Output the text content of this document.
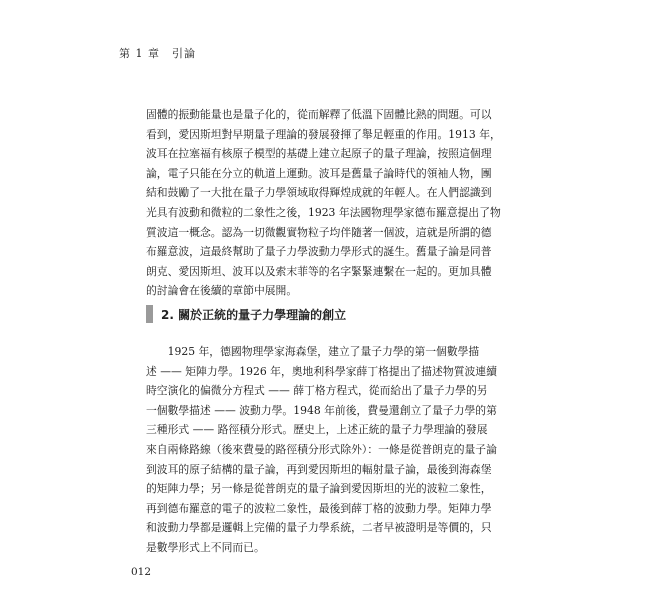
第 1 章 引論
固體的振動能量也是量子化的，從而解釋了低溫下固體比熱的問題。可以
看到，愛因斯坦對早期量子理論的發展發揮了舉足輕重的作用。1913 年，
波耳在拉塞福有核原子模型的基礎上建立起原子的量子理論，按照這個理
論，電子只能在分立的軌道上運動。波耳是舊量子論時代的領袖人物，團
結和鼓勵了一大批在量子力學領域取得輝煌成就的年輕人。在人們認識到
光具有波動和微粒的二象性之後，1923 年法國物理學家德布羅意提出了物
質波這一概念。認為一切微觀實物粒子均伴隨著一個波，這就是所謂的德
布羅意波，這最終幫助了量子力學波動力學形式的誕生。舊量子論是同普
朗克、愛因斯坦、波耳以及索末菲等的名字緊緊連繫在一起的。更加具體
的討論會在後續的章節中展開。
2. 關於正統的量子力學理論的創立
　　1925 年，德國物理學家海森堡，建立了量子力學的第一個數學描
述 —— 矩陣力學。1926 年，奧地利科學家薛丁格提出了描述物質波連續
時空演化的偏微分方程式 —— 薛丁格方程式，從而給出了量子力學的另
一個數學描述 —— 波動力學。1948 年前後，費曼還創立了量子力學的第
三種形式 —— 路徑積分形式。歷史上，上述正統的量子力學理論的發展
來自兩條路線（後來費曼的路徑積分形式除外）：一條是從普朗克的量子論
到波耳的原子結構的量子論，再到愛因斯坦的輻射量子論，最後到海森堡
的矩陣力學；另一條是從普朗克的量子論到愛因斯坦的光的波粒二象性，
再到德布羅意的電子的波粒二象性，最後到薛丁格的波動力學。矩陣力學
和波動力學都是邏輯上完備的量子力學系統，二者早被證明是等價的，只
是數學形式上不同而已。
012
